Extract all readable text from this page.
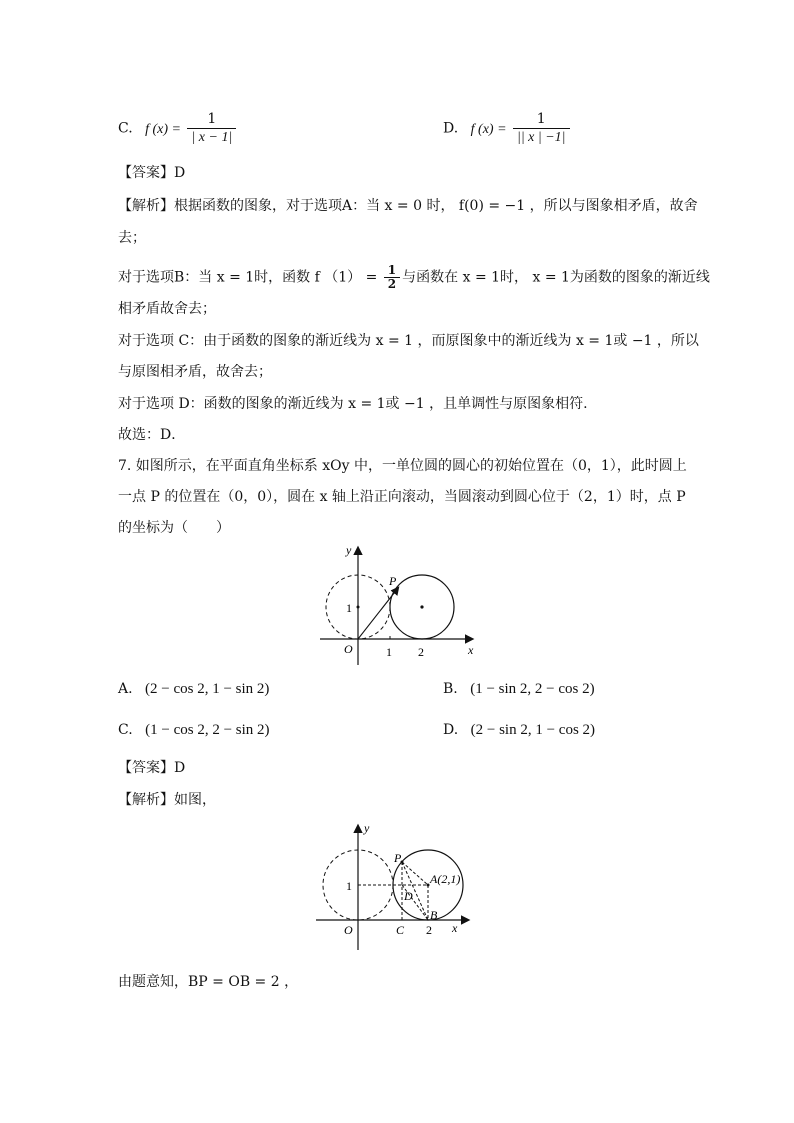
C. f $(x) = \frac{1}{| x - 1|}$	D. f $(x) = \frac{1}{|| x | -1|}$
【答案】D
【解析】根据函数的图象，对于选项A：当 x = 0 时， f(0) = −1 ，所以与图象相矛盾，故舍
去；
对于选项B：当 x = 1时，函数 f $(1) = \frac{1}{2}$ 与函数在 x = 1时， x = 1为函数的图象的渐近线
相矛盾故舍去；
对于选项 C：由于函数的图象的渐近线为 x = 1 ，而原图象中的渐近线为 x = 1或 −1 ，所以
与原图相矛盾，故舍去；
对于选项 D：函数的图象的渐近线为 x = 1或 −1 ，且单调性与原图象相符.
故选：D．
7. 如图所示，在平面直角坐标系 xOy 中，一单位圆的圆心的初始位置在（0，1），此时圆上
一点 P 的位置在（0，0），圆在 x 轴上沿正向滚动，当圆滚动到圆心位于（2，1）时，点 P
的坐标为（　　）
y
x
O
1
1 2
P
A. (2 − cos 2, 1 − sin 2)	B. (1 − sin 2, 2 − cos 2)
C. (1 − cos 2, 2 − sin 2)	D. (2 − sin 2, 1 − cos 2)
【答案】D
【解析】如图，
y
x
O
1
C 2
P
D
A(2,1)
B
由题意知，BP = OB = 2 ，
